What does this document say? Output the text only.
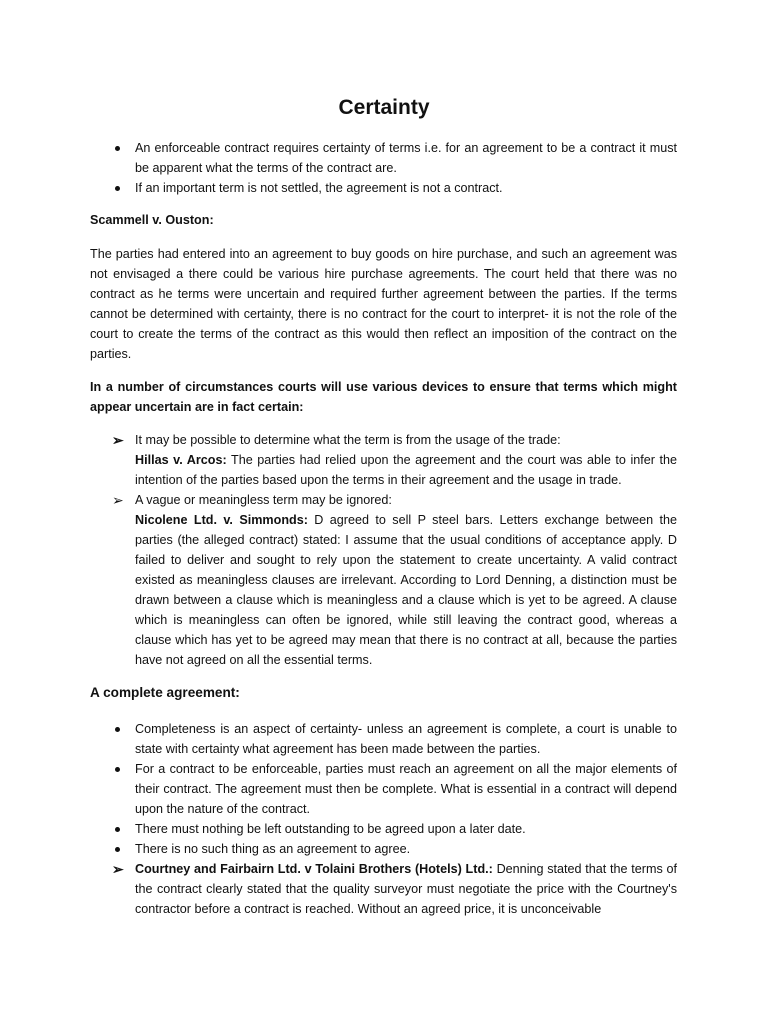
Certainty
An enforceable contract requires certainty of terms i.e. for an agreement to be a contract it must be apparent what the terms of the contract are.
If an important term is not settled, the agreement is not a contract.
Scammell v. Ouston:
The parties had entered into an agreement to buy goods on hire purchase, and such an agreement was not envisaged a there could be various hire purchase agreements. The court held that there was no contract as he terms were uncertain and required further agreement between the parties. If the terms cannot be determined with certainty, there is no contract for the court to interpret- it is not the role of the court to create the terms of the contract as this would then reflect an imposition of the contract on the parties.
In a number of circumstances courts will use various devices to ensure that terms which might appear uncertain are in fact certain:
➢ It may be possible to determine what the term is from the usage of the trade:
Hillas v. Arcos: The parties had relied upon the agreement and the court was able to infer the intention of the parties based upon the terms in their agreement and the usage in trade.
➢ A vague or meaningless term may be ignored:
Nicolene Ltd. v. Simmonds: D agreed to sell P steel bars. Letters exchange between the parties (the alleged contract) stated: I assume that the usual conditions of acceptance apply. D failed to deliver and sought to rely upon the statement to create uncertainty. A valid contract existed as meaningless clauses are irrelevant. According to Lord Denning, a distinction must be drawn between a clause which is meaningless and a clause which is yet to be agreed. A clause which is meaningless can often be ignored, while still leaving the contract good, whereas a clause which has yet to be agreed may mean that there is no contract at all, because the parties have not agreed on all the essential terms.
A complete agreement:
Completeness is an aspect of certainty- unless an agreement is complete, a court is unable to state with certainty what agreement has been made between the parties.
For a contract to be enforceable, parties must reach an agreement on all the major elements of their contract. The agreement must then be complete. What is essential in a contract will depend upon the nature of the contract.
There must nothing be left outstanding to be agreed upon a later date.
There is no such thing as an agreement to agree.
➢ Courtney and Fairbairn Ltd. v Tolaini Brothers (Hotels) Ltd.: Denning stated that the terms of the contract clearly stated that the quality surveyor must negotiate the price with the Courtney's contractor before a contract is reached. Without an agreed price, it is unconceivable
